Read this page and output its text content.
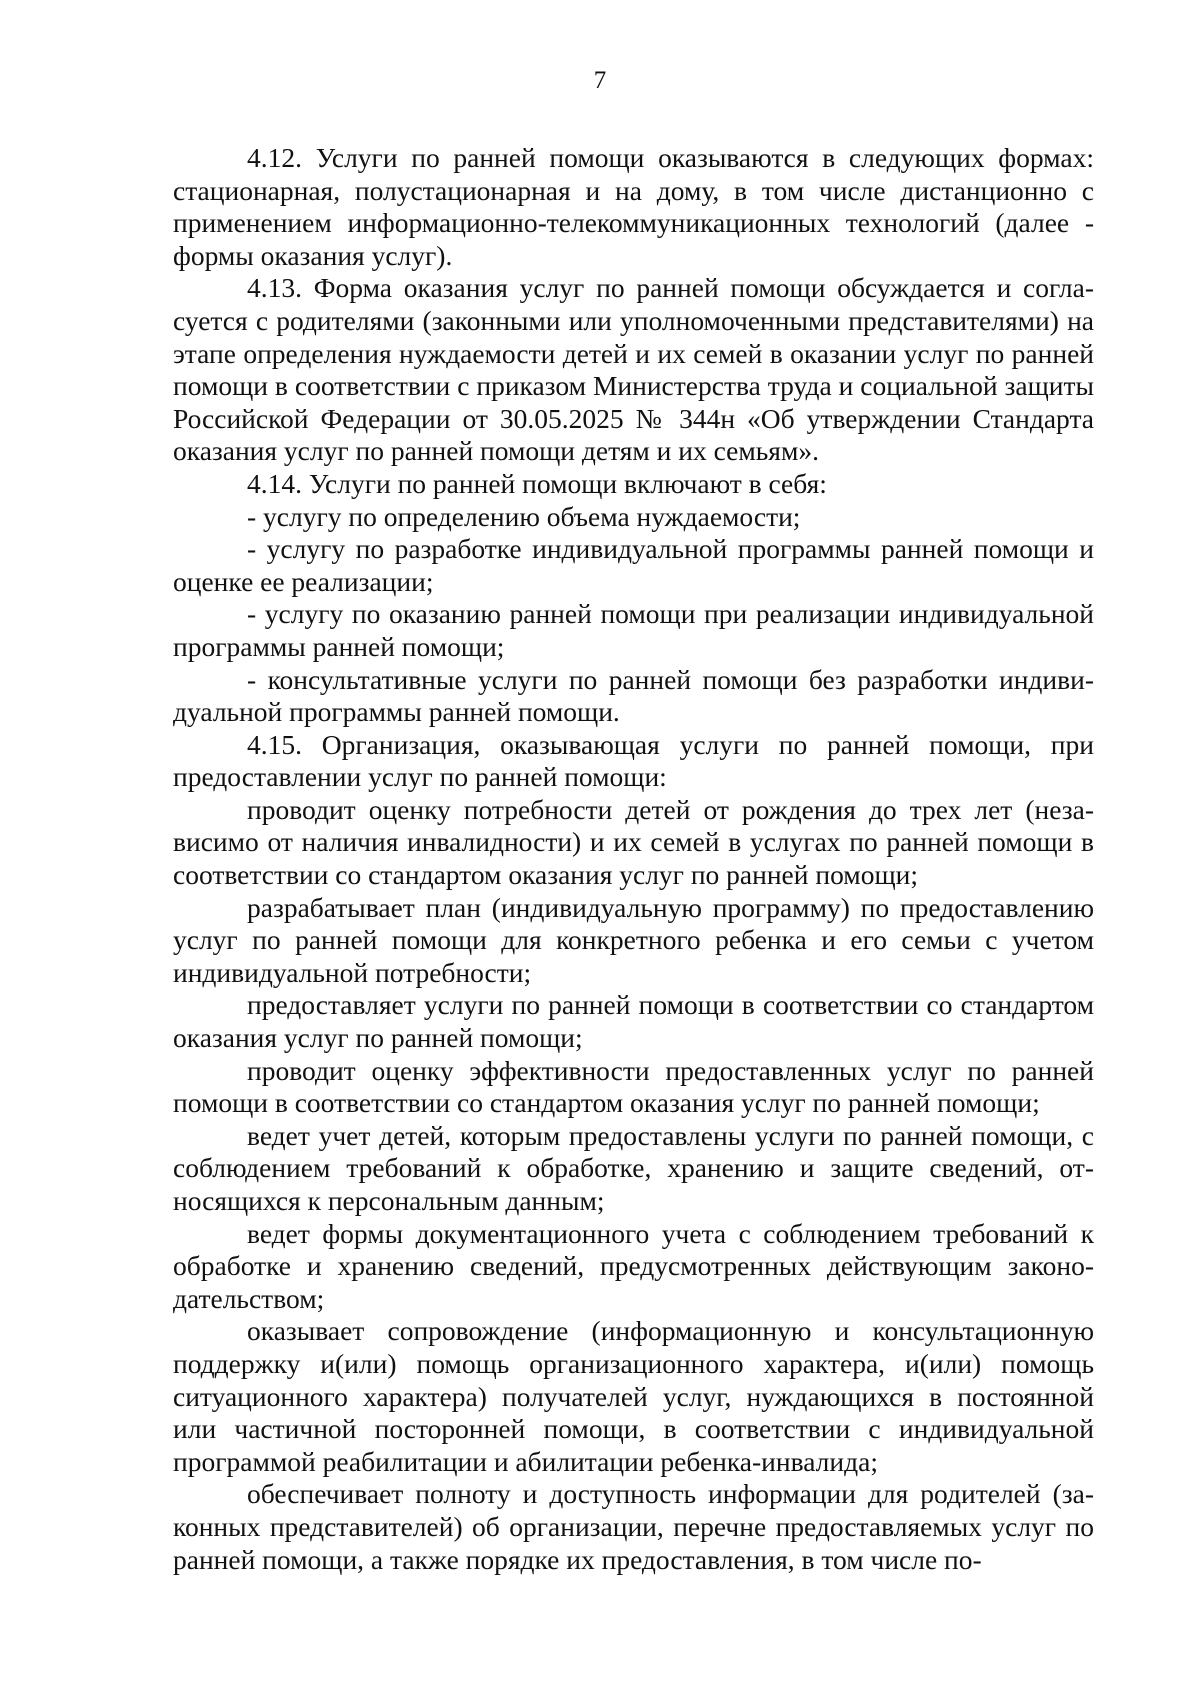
7

4.12. Услуги по ранней помощи оказываются в следующих формах: стационарная, полустационарная и на дому, в том числе дистанционно с применением информационно-телекоммуникационных технологий (далее - формы оказания услуг).

4.13. Форма оказания услуг по ранней помощи обсуждается и согласуется с родителями (законными или уполномоченными представителями) на этапе определения нуждаемости детей и их семей в оказании услуг по ранней помощи в соответствии с приказом Министерства труда и социальной защиты Российской Федерации от 30.05.2025 № 344н «Об утверждении Стандарта оказания услуг по ранней помощи детям и их семьям».

4.14. Услуги по ранней помощи включают в себя:

- услугу по определению объема нуждаемости;

- услугу по разработке индивидуальной программы ранней помощи и оценке ее реализации;

- услугу по оказанию ранней помощи при реализации индивидуальной программы ранней помощи;

- консультативные услуги по ранней помощи без разработки индивидуальной программы ранней помощи.

4.15. Организация, оказывающая услуги по ранней помощи, при предоставлении услуг по ранней помощи:

проводит оценку потребности детей от рождения до трех лет (независимо от наличия инвалидности) и их семей в услугах по ранней помощи в соответствии со стандартом оказания услуг по ранней помощи;

разрабатывает план (индивидуальную программу) по предоставлению услуг по ранней помощи для конкретного ребенка и его семьи с учетом индивидуальной потребности;

предоставляет услуги по ранней помощи в соответствии со стандартом оказания услуг по ранней помощи;

проводит оценку эффективности предоставленных услуг по ранней помощи в соответствии со стандартом оказания услуг по ранней помощи;

ведет учет детей, которым предоставлены услуги по ранней помощи, с соблюдением требований к обработке, хранению и защите сведений, относящихся к персональным данным;

ведет формы документационного учета с соблюдением требований к обработке и хранению сведений, предусмотренных действующим законодательством;

оказывает сопровождение (информационную и консультационную поддержку и(или) помощь организационного характера, и(или) помощь ситуационного характера) получателей услуг, нуждающихся в постоянной или частичной посторонней помощи, в соответствии с индивидуальной программой реабилитации и абилитации ребенка-инвалида;

обеспечивает полноту и доступность информации для родителей (законных представителей) об организации, перечне предоставляемых услуг по ранней помощи, а также порядке их предоставления, в том числе по-
